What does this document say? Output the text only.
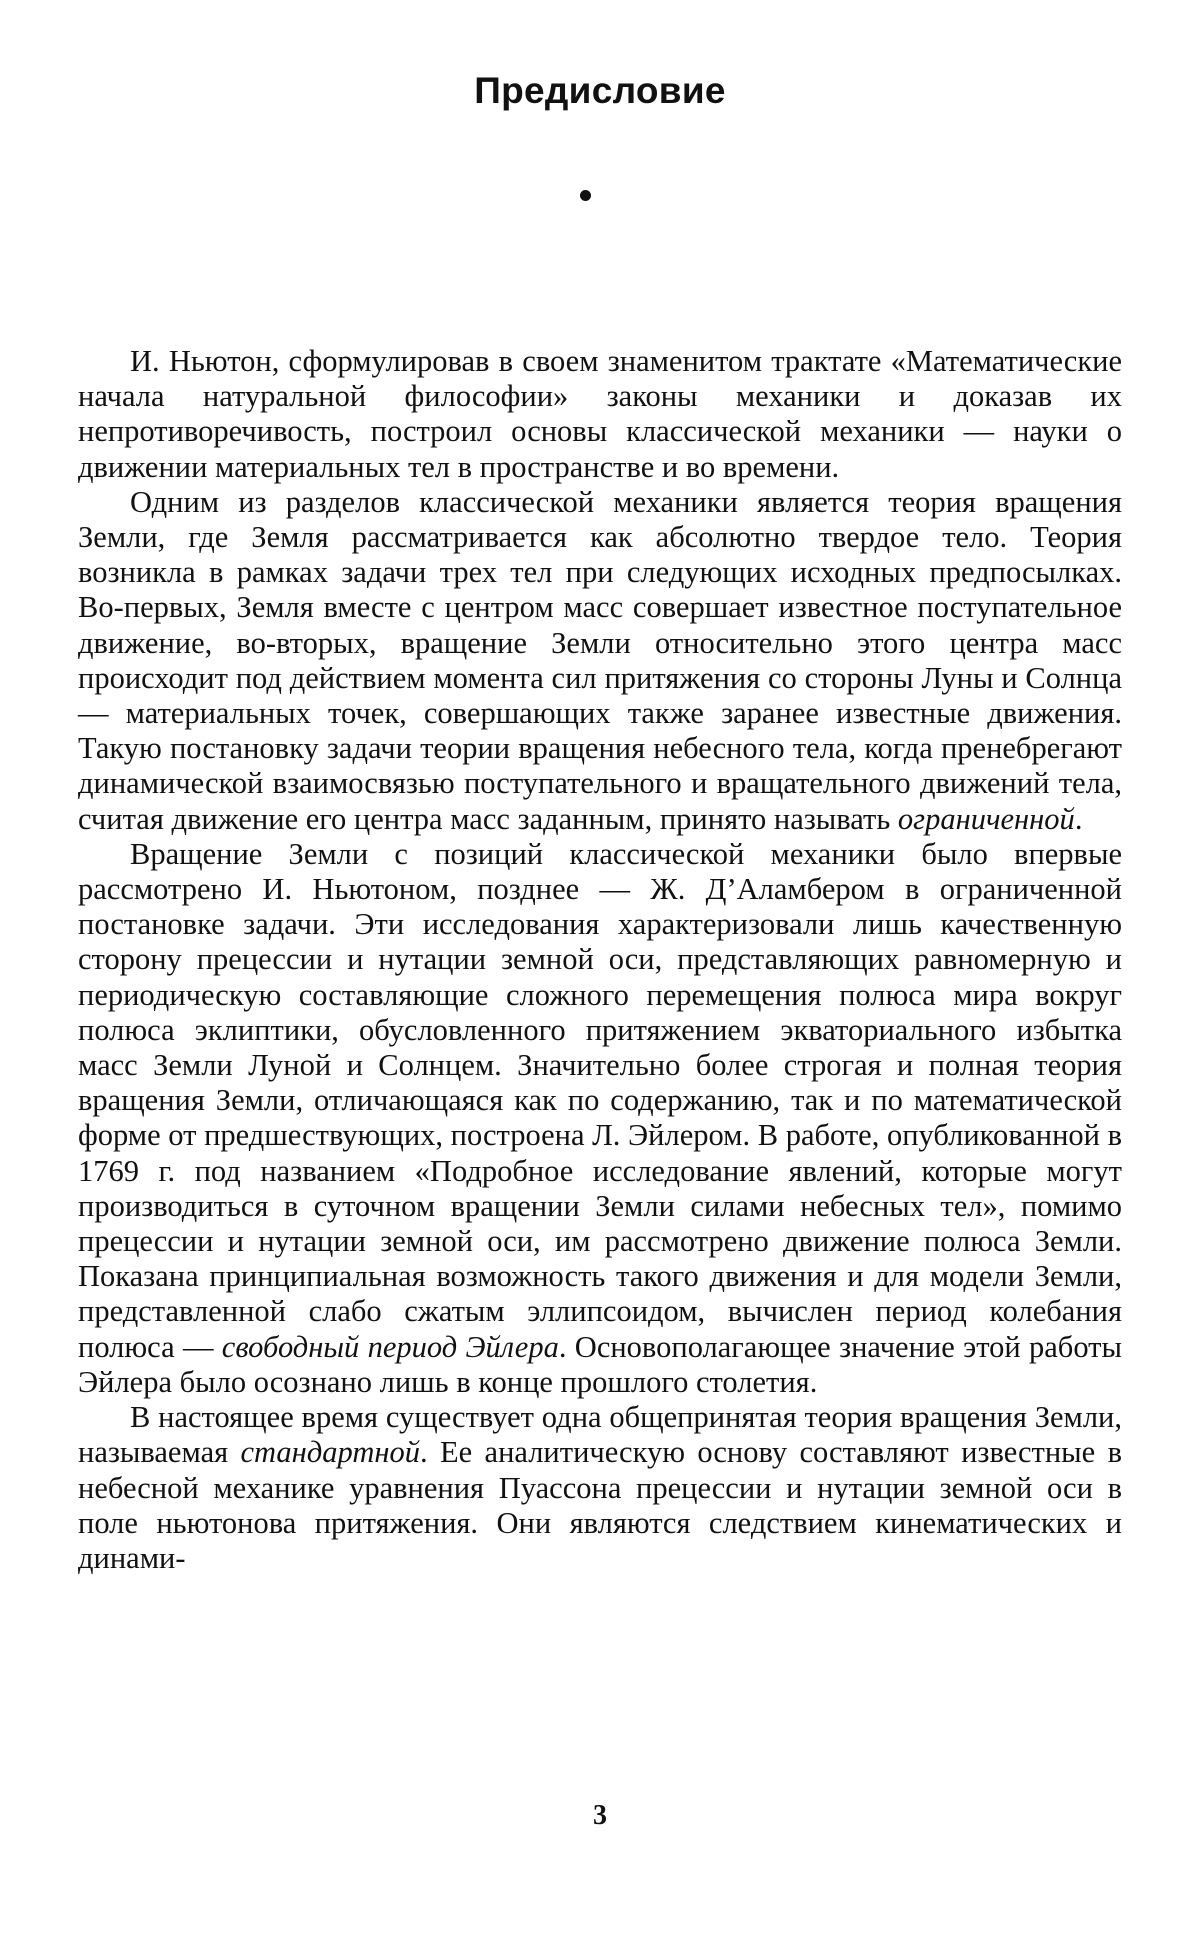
Предисловие

И. Ньютон, сформулировав в своем знаменитом трактате «Математические начала натуральной философии» законы механики и доказав их непротиворечивость, построил основы классической механики — науки о движении материальных тел в пространстве и во времени.

Одним из разделов классической механики является теория вращения Земли, где Земля рассматривается как абсолютно твердое тело. Теория возникла в рамках задачи трех тел при следующих исходных предпосылках. Во-первых, Земля вместе с центром масс совершает известное поступательное движение, во-вторых, вращение Земли относительно этого центра масс происходит под действием момента сил притяжения со стороны Луны и Солнца — материальных точек, совершающих также заранее известные движения. Такую постановку задачи теории вращения небесного тела, когда пренебрегают динамической взаимосвязью поступательного и вращательного движений тела, считая движение его центра масс заданным, принято называть ограниченной.

Вращение Земли с позиций классической механики было впервые рассмотрено И. Ньютоном, позднее — Ж. Д’Аламбером в ограниченной постановке задачи. Эти исследования характеризовали лишь качественную сторону прецессии и нутации земной оси, представляющих равномерную и периодическую составляющие сложного перемещения полюса мира вокруг полюса эклиптики, обусловленного притяжением экваториального избытка масс Земли Луной и Солнцем. Значительно более строгая и полная теория вращения Земли, отличающаяся как по содержанию, так и по математической форме от предшествующих, построена Л. Эйлером. В работе, опубликованной в 1769 г. под названием «Подробное исследование явлений, которые могут производиться в суточном вращении Земли силами небесных тел», помимо прецессии и нутации земной оси, им рассмотрено движение полюса Земли. Показана принципиальная возможность такого движения и для модели Земли, представленной слабо сжатым эллипсоидом, вычислен период колебания полюса — свободный период Эйлера. Основополагающее значение этой работы Эйлера было осознано лишь в конце прошлого столетия.

В настоящее время существует одна общепринятая теория вращения Земли, называемая стандартной. Ее аналитическую основу составляют известные в небесной механике уравнения Пуассона прецессии и нутации земной оси в поле ньютонова притяжения. Они являются следствием кинематических и динами-

3
